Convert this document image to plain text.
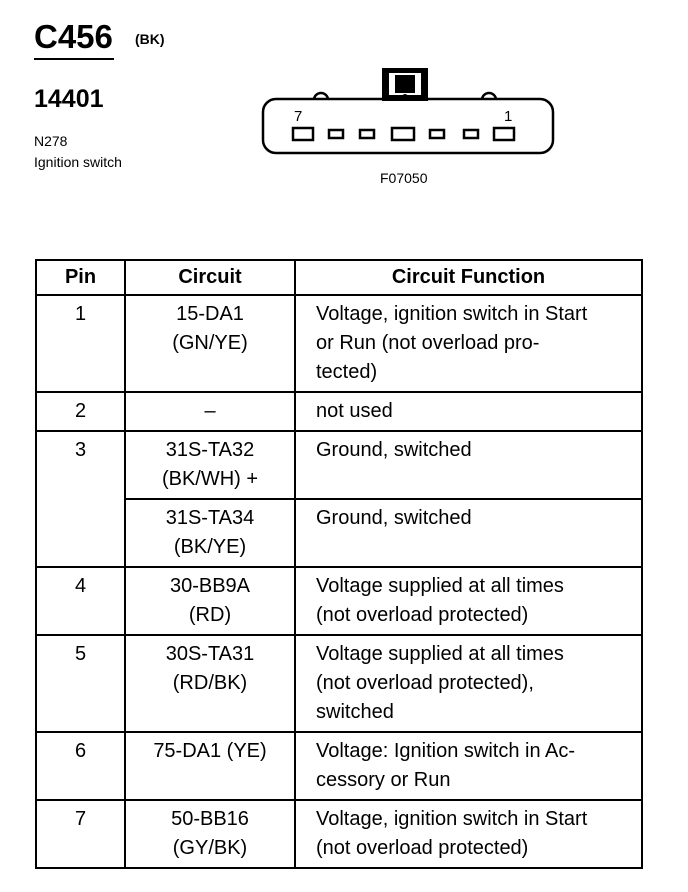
C456 (BK)
14401
N278
Ignition switch
7	1
F07050
Pin	Circuit	Circuit Function
1	15-DA1
(GN/YE)	Voltage, ignition switch in Start
or Run (not overload pro-
tected)

2	–	not used

3	31S-TA32
(BK/WH) +	Ground, switched

	31S-TA34
(BK/YE)	Ground, switched

4	30-BB9A
(RD)	Voltage supplied at all times
(not overload protected)

5	30S-TA31
(RD/BK)	Voltage supplied at all times
(not overload protected),
switched

6	75-DA1 (YE)	Voltage: Ignition switch in Ac-
cessory or Run

7	50-BB16
(GY/BK)	Voltage, ignition switch in Start
(not overload protected)
